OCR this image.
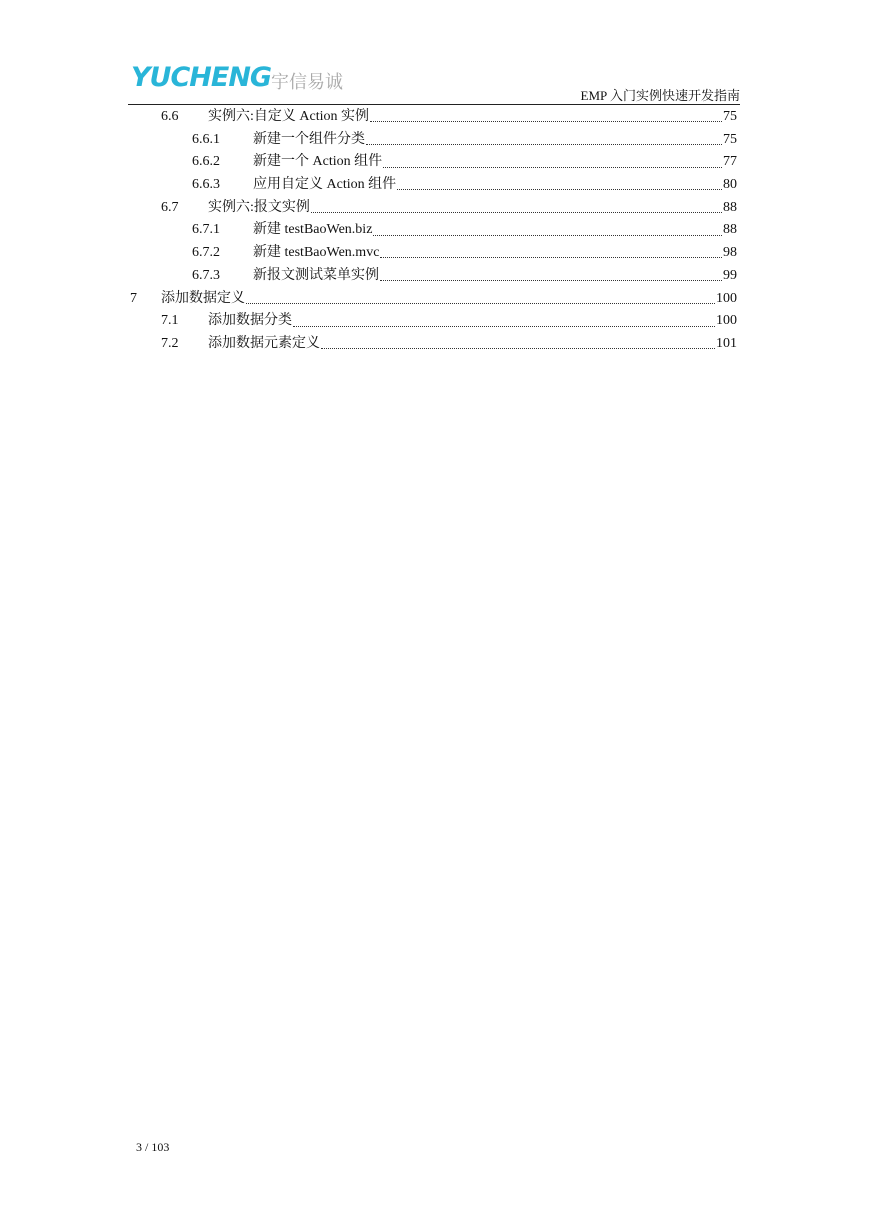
YUCHENG 宇信易诚
EMP 入门实例快速开发指南
6.6	实例六:自定义 Action 实例	75
6.6.1	新建一个组件分类	75
6.6.2	新建一个 Action 组件	77
6.6.3	应用自定义 Action 组件	80
6.7	实例六:报文实例	88
6.7.1	新建 testBaoWen.biz	88
6.7.2	新建 testBaoWen.mvc	98
6.7.3	新报文测试菜单实例	99
7	添加数据定义	100
7.1	添加数据分类	100
7.2	添加数据元素定义	101
3 / 103
